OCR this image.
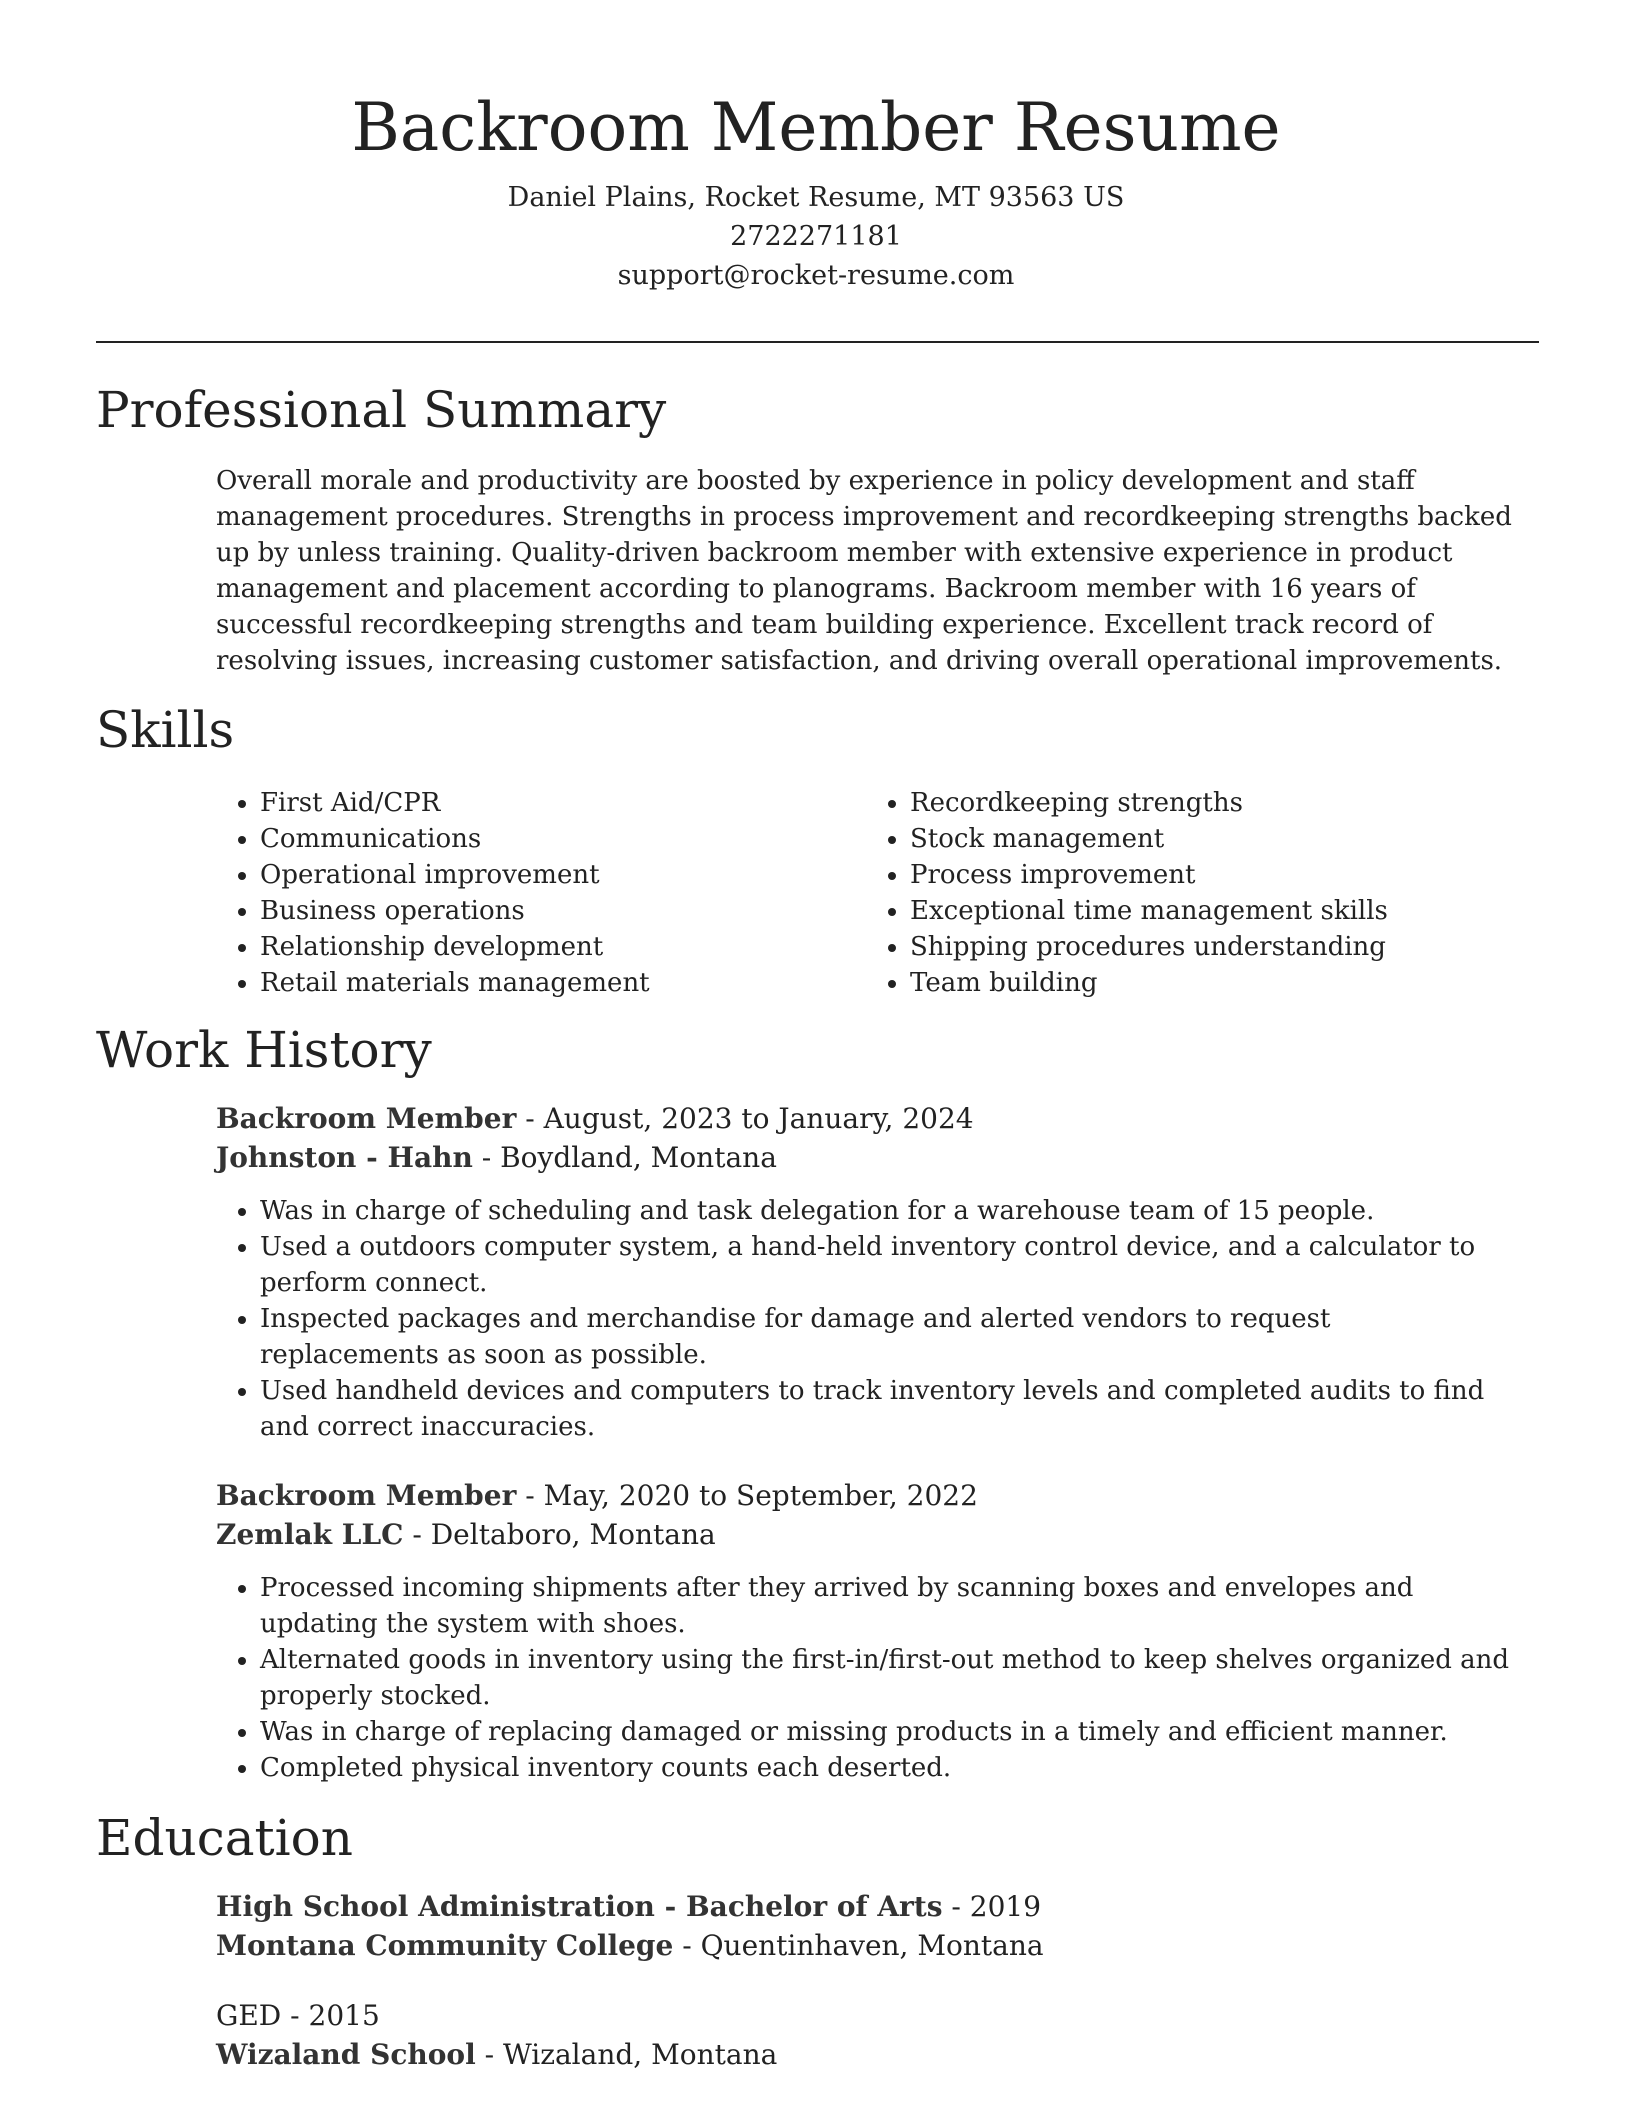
Backroom Member Resume

Daniel Plains, Rocket Resume, MT 93563 US

2722271181

support@rocket-resume.com

Professional Summary

Overall morale and productivity are boosted by experience in policy development and staff management procedures. Strengths in process improvement and recordkeeping strengths backed up by unless training. Quality-driven backroom member with extensive experience in product management and placement according to planograms. Backroom member with 16 years of successful recordkeeping strengths and team building experience. Excellent track record of resolving issues, increasing customer satisfaction, and driving overall operational improvements.

Skills
• First Aid/CPR
• Communications
• Operational improvement
• Business operations
• Relationship development
• Retail materials management
• Recordkeeping strengths
• Stock management
• Process improvement
• Exceptional time management skills
• Shipping procedures understanding
• Team building
Work History

Backroom Member - August, 2023 to January, 2024

Johnston - Hahn - Boydland, Montana

• Was in charge of scheduling and task delegation for a warehouse team of 15 people.
• Used a outdoors computer system, a hand-held inventory control device, and a calculator to perform connect.
• Inspected packages and merchandise for damage and alerted vendors to request replacements as soon as possible.
• Used handheld devices and computers to track inventory levels and completed audits to find and correct inaccuracies.

Backroom Member - May, 2020 to September, 2022

Zemlak LLC - Deltaboro, Montana

• Processed incoming shipments after they arrived by scanning boxes and envelopes and updating the system with shoes.
• Alternated goods in inventory using the first-in/first-out method to keep shelves organized and properly stocked.
• Was in charge of replacing damaged or missing products in a timely and efficient manner.
• Completed physical inventory counts each deserted.
Education

High School Administration - Bachelor of Arts - 2019

Montana Community College - Quentinhaven, Montana

GED - 2015

Wizaland School - Wizaland, Montana
